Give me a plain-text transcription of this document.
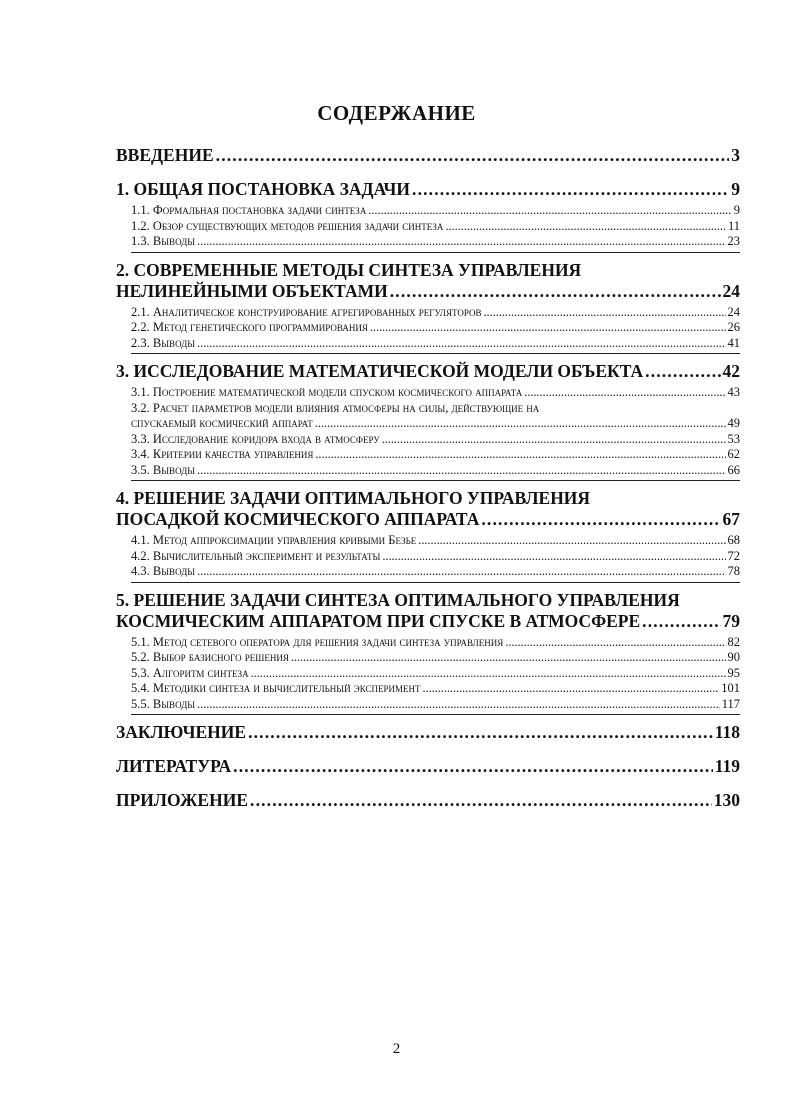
СОДЕРЖАНИЕ
ВВЕДЕНИЕ . . .	3
1. ОБЩАЯ ПОСТАНОВКА ЗАДАЧИ . . .	9
1.1. Формальная постановка задачи синтеза . . .	9
1.2. Обзор существующих методов решения задачи синтеза . . .	11
1.3. Выводы . . .	23
2. СОВРЕМЕННЫЕ МЕТОДЫ СИНТЕЗА УПРАВЛЕНИЯ
НЕЛИНЕЙНЫМИ ОБЪЕКТАМИ . . .	24
2.1. Аналитическое конструирование агрегированных регуляторов . . .	24
2.2. Метод генетического программирования . . .	26
2.3. Выводы . . .	41
3. ИССЛЕДОВАНИЕ МАТЕМАТИЧЕСКОЙ МОДЕЛИ ОБЪЕКТА . . .	42
3.1. Построение математической модели спуском космического аппарата . . .	43
3.2. Расчет параметров модели влияния атмосферы на силы, действующие на
спускаемый космический аппарат . . .	49
3.3. Исследование коридора входа в атмосферу . . .	53
3.4. Критерии качества управления . . .	62
3.5. Выводы . . .	66
4. РЕШЕНИЕ ЗАДАЧИ ОПТИМАЛЬНОГО УПРАВЛЕНИЯ
ПОСАДКОЙ КОСМИЧЕСКОГО АППАРАТА . . .	67
4.1. Метод аппроксимации управления кривыми Безье . . .	68
4.2. Вычислительный эксперимент и результаты . . .	72
4.3. Выводы . . .	78
5. РЕШЕНИЕ ЗАДАЧИ СИНТЕЗА ОПТИМАЛЬНОГО УПРАВЛЕНИЯ
КОСМИЧЕСКИМ АППАРАТОМ ПРИ СПУСКЕ В АТМОСФЕРЕ . . .	79
5.1. Метод сетевого оператора для решения задачи синтеза управления . . .	82
5.2. Выбор базисного решения . . .	90
5.3. Алгоритм синтеза . . .	95
5.4. Методики синтеза и вычислительный эксперимент . . .	101
5.5. Выводы . . .	117
ЗАКЛЮЧЕНИЕ . . .	118
ЛИТЕРАТУРА . . .	119
ПРИЛОЖЕНИЕ . . .	130
2
